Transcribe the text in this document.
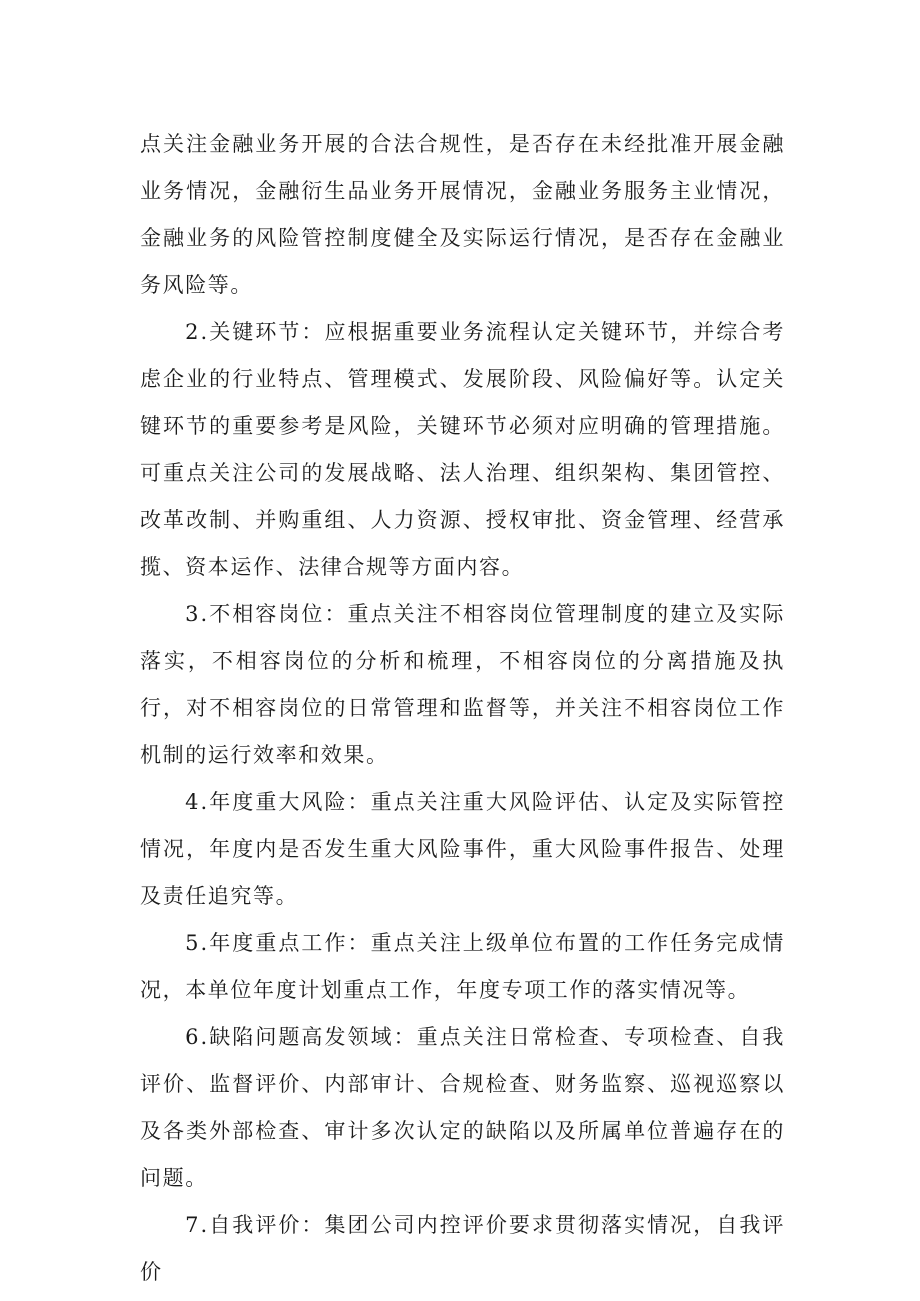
点关注金融业务开展的合法合规性，是否存在未经批准开展金融业务情况，金融衍生品业务开展情况，金融业务服务主业情况，金融业务的风险管控制度健全及实际运行情况，是否存在金融业务风险等。

2.关键环节：应根据重要业务流程认定关键环节，并综合考虑企业的行业特点、管理模式、发展阶段、风险偏好等。认定关键环节的重要参考是风险，关键环节必须对应明确的管理措施。可重点关注公司的发展战略、法人治理、组织架构、集团管控、改革改制、并购重组、人力资源、授权审批、资金管理、经营承揽、资本运作、法律合规等方面内容。

3.不相容岗位：重点关注不相容岗位管理制度的建立及实际落实，不相容岗位的分析和梳理，不相容岗位的分离措施及执行，对不相容岗位的日常管理和监督等，并关注不相容岗位工作机制的运行效率和效果。

4.年度重大风险：重点关注重大风险评估、认定及实际管控情况，年度内是否发生重大风险事件，重大风险事件报告、处理及责任追究等。

5.年度重点工作：重点关注上级单位布置的工作任务完成情况，本单位年度计划重点工作，年度专项工作的落实情况等。

6.缺陷问题高发领域：重点关注日常检查、专项检查、自我评价、监督评价、内部审计、合规检查、财务监察、巡视巡察以及各类外部检查、审计多次认定的缺陷以及所属单位普遍存在的问题。

7.自我评价：集团公司内控评价要求贯彻落实情况，自我评价
